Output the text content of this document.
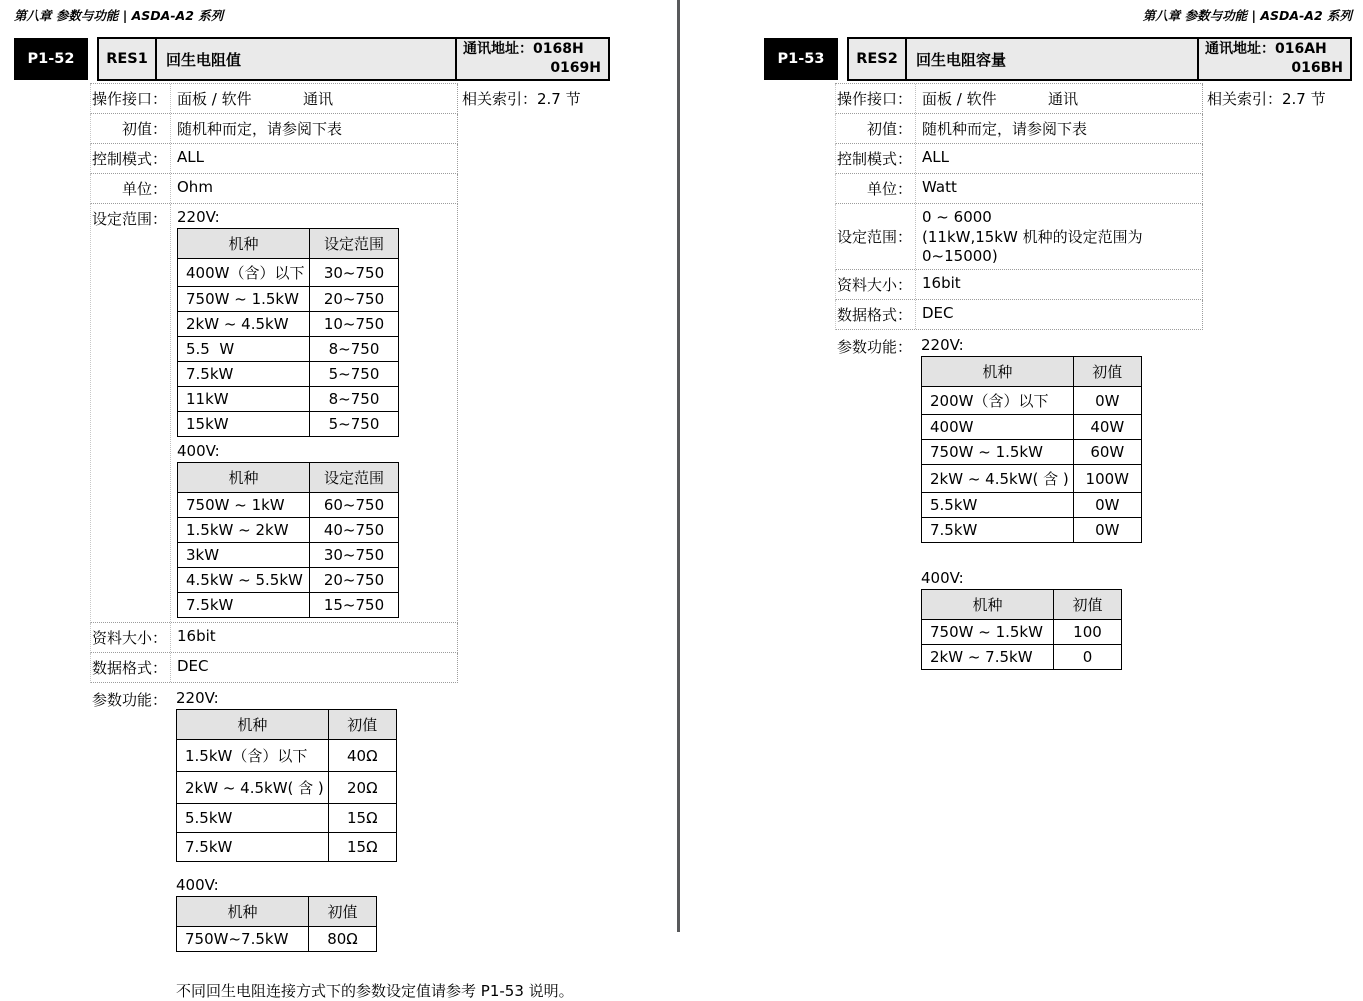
第八章 参数与功能 | ASDA-A2 系列
P1-52	RES1	回生电阻值
通讯地址：0168H
0169H
操作接口： 面板 / 软件	通讯	相关索引：2.7 节
初值： 随机种而定，请参阅下表
控制模式： ALL
单位： Ohm
设定范围： 220V:
机种	设定范围
400W（含）以下	30~750
750W ~ 1.5kW	20~750
2kW ~ 4.5kW	10~750
5.5  W	8~750
7.5kW	5~750
11kW	8~750
15kW	5~750
400V:
机种	设定范围
750W ~ 1kW	60~750
1.5kW ~ 2kW	40~750
3kW	30~750
4.5kW ~ 5.5kW	20~750
7.5kW	15~750
资料大小： 16bit
数据格式： DEC
参数功能： 220V:
机种	初值
1.5kW（含）以下	40Ω
2kW ~ 4.5kW( 含 )	20Ω
5.5kW	15Ω
7.5kW	15Ω
400V:
机种	初值
750W~7.5kW	80Ω
不同回生电阻连接方式下的参数设定值请参考 P1-53 说明。
第八章 参数与功能 | ASDA-A2 系列
P1-53	RES2	回生电阻容量
通讯地址：016AH
016BH
操作接口： 面板 / 软件	通讯	相关索引：2.7 节
初值： 随机种而定，请参阅下表
控制模式： ALL
单位： Watt
设定范围：
0 ~ 6000
(11kW,15kW 机种的设定范围为 0~15000)
资料大小： 16bit
数据格式： DEC
参数功能： 220V:
机种	初值
200W（含）以下	0W
400W	40W
750W ~ 1.5kW	60W
2kW ~ 4.5kW( 含 )	100W
5.5kW	0W
7.5kW	0W
400V:
机种	初值
750W ~ 1.5kW	100
2kW ~ 7.5kW	0
